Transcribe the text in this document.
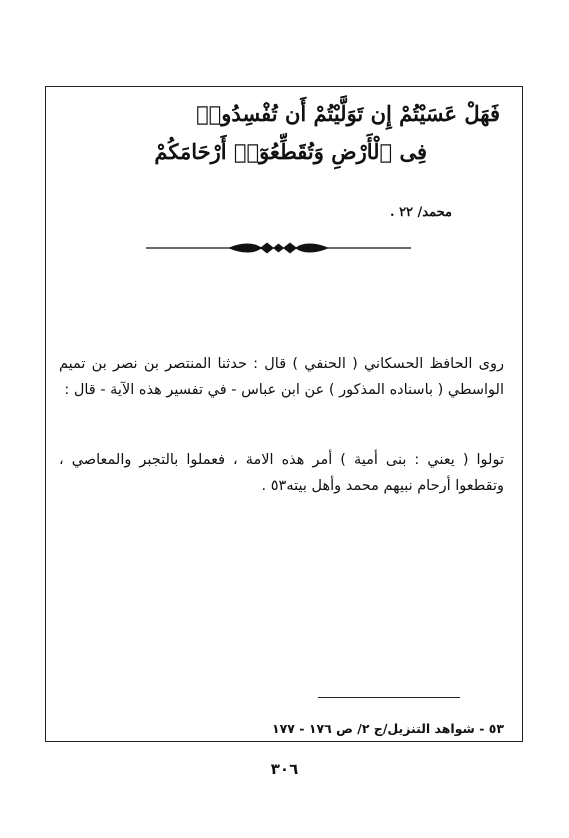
فَهَلْ عَسَيْتُمْ إِن تَوَلَّيْتُمْ أَن تُفْسِدُوا۟
فِى ٱلْأَرْضِ وَتُقَطِّعُوٓا۟ أَرْحَامَكُمْ
محمد/ ٢٢ .
روى الحافظ الحسكاني ( الحنفي ) قال : حدثنا المنتصر بن نصر بن تميم الواسطي ( باسناده المذكور ) عن ابن عباس - في تفسير هذه الآية - قال :
تولوا ( يعني : بنى أمية ) أمر هذه الامة ، فعملوا بالتجبر والمعاصي ، وتقطعوا أرحام نبيهم محمد وأهل بيته٥٣ .
٥٣ - شواهد التنزيل/ج ٢/ ص ١٧٦ - ١٧٧
٣٠٦
